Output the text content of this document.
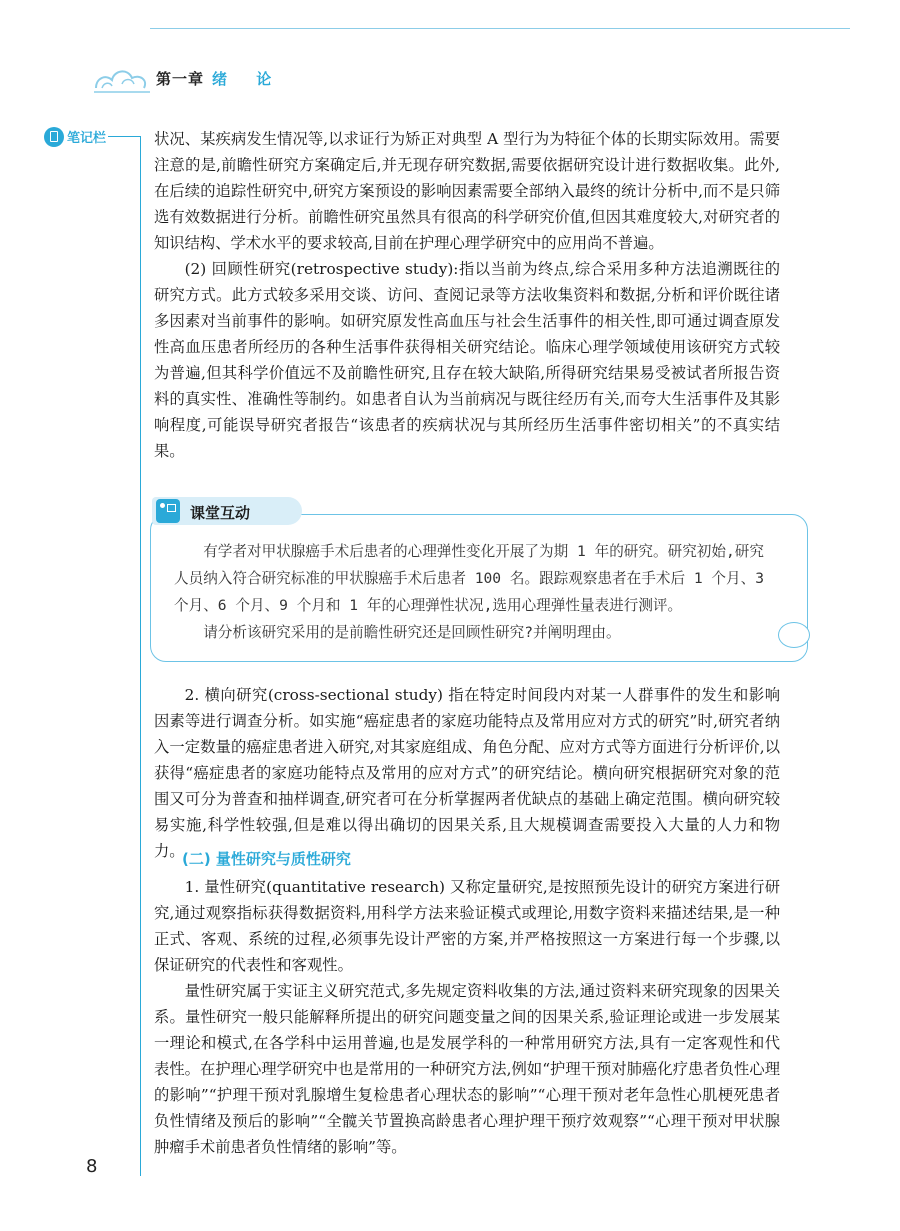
第一章 绪 论
笔记栏	状况、某疾病发生情况等,以求证行为矫正对典型 A 型行为为特征个体的长期实际效用。需要注意的是,前瞻性研究方案确定后,并无现存研究数据,需要依据研究设计进行数据收集。此外,在后续的追踪性研究中,研究方案预设的影响因素需要全部纳入最终的统计分析中,而不是只筛选有效数据进行分析。前瞻性研究虽然具有很高的科学研究价值,但因其难度较大,对研究者的知识结构、学术水平的要求较高,目前在护理心理学研究中的应用尚不普遍。

(2) 回顾性研究(retrospective study):指以当前为终点,综合采用多种方法追溯既往的研究方式。此方式较多采用交谈、访问、查阅记录等方法收集资料和数据,分析和评价既往诸多因素对当前事件的影响。如研究原发性高血压与社会生活事件的相关性,即可通过调查原发性高血压患者所经历的各种生活事件获得相关研究结论。临床心理学领域使用该研究方式较为普遍,但其科学价值远不及前瞻性研究,且存在较大缺陷,所得研究结果易受被试者所报告资料的真实性、准确性等制约。如患者自认为当前病况与既往经历有关,而夸大生活事件及其影响程度,可能误导研究者报告“该患者的疾病状况与其所经历生活事件密切相关”的不真实结果。

课堂互动

有学者对甲状腺癌手术后患者的心理弹性变化开展了为期 1 年的研究。研究初始,研究人员纳入符合研究标准的甲状腺癌手术后患者 100 名。跟踪观察患者在手术后 1 个月、3 个月、6 个月、9 个月和 1 年的心理弹性状况,选用心理弹性量表进行测评。

请分析该研究采用的是前瞻性研究还是回顾性研究?并阐明理由。

2. 横向研究(cross-sectional study) 指在特定时间段内对某一人群事件的发生和影响因素等进行调查分析。如实施“癌症患者的家庭功能特点及常用应对方式的研究”时,研究者纳入一定数量的癌症患者进入研究,对其家庭组成、角色分配、应对方式等方面进行分析评价,以获得“癌症患者的家庭功能特点及常用的应对方式”的研究结论。横向研究根据研究对象的范围又可分为普查和抽样调查,研究者可在分析掌握两者优缺点的基础上确定范围。横向研究较易实施,科学性较强,但是难以得出确切的因果关系,且大规模调查需要投入大量的人力和物力。

(二) 量性研究与质性研究

1. 量性研究(quantitative research) 又称定量研究,是按照预先设计的研究方案进行研究,通过观察指标获得数据资料,用科学方法来验证模式或理论,用数字资料来描述结果,是一种正式、客观、系统的过程,必须事先设计严密的方案,并严格按照这一方案进行每一个步骤,以保证研究的代表性和客观性。

量性研究属于实证主义研究范式,多先规定资料收集的方法,通过资料来研究现象的因果关系。量性研究一般只能解释所提出的研究问题变量之间的因果关系,验证理论或进一步发展某一理论和模式,在各学科中运用普遍,也是发展学科的一种常用研究方法,具有一定客观性和代表性。在护理心理学研究中也是常用的一种研究方法,例如“护理干预对肺癌化疗患者负性心理的影响”“护理干预对乳腺增生复检患者心理状态的影响”“心理干预对老年急性心肌梗死患者负性情绪及预后的影响”“全髋关节置换高龄患者心理护理干预疗效观察”“心理干预对甲状腺肿瘤手术前患者负性情绪的影响”等。

8
